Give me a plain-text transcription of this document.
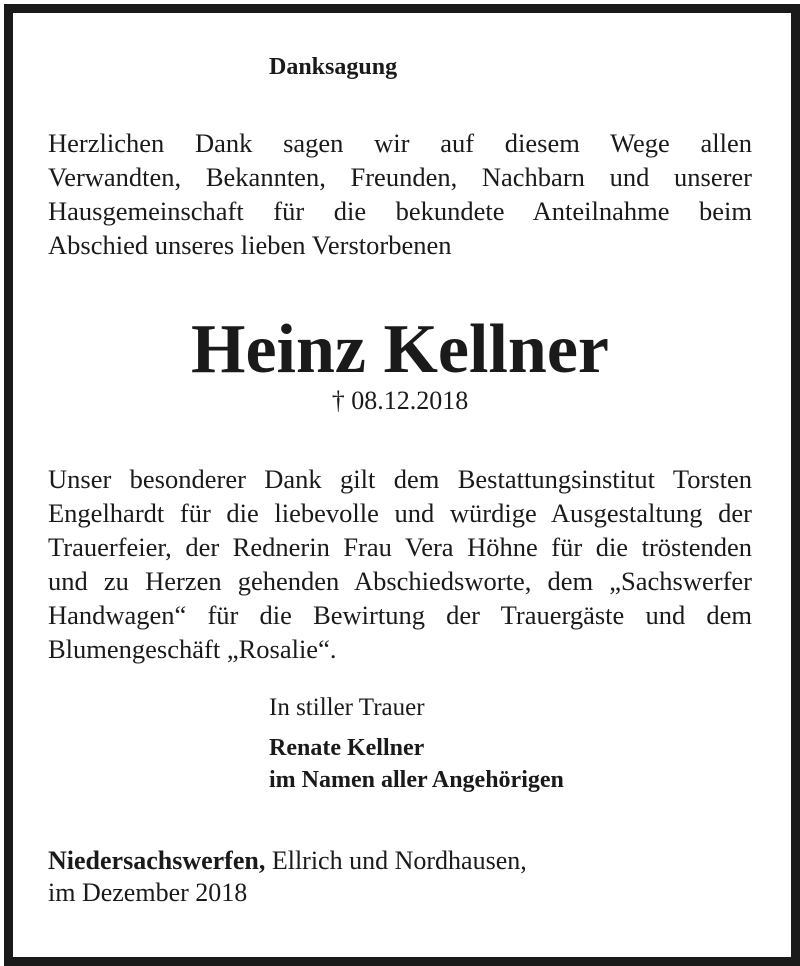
Danksagung
Herzlichen Dank sagen wir auf diesem Wege allen
Verwandten, Bekannten, Freunden, Nachbarn und unserer
Hausgemeinschaft für die bekundete Anteilnahme beim
Abschied unseres lieben Verstorbenen
Heinz Kellner
† 08.12.2018
Unser besonderer Dank gilt dem Bestattungsinstitut Torsten
Engelhardt für die liebevolle und würdige Ausgestaltung der
Trauerfeier, der Rednerin Frau Vera Höhne für die tröstenden
und zu Herzen gehenden Abschiedsworte, dem „Sachswerfer
Handwagen“ für die Bewirtung der Trauergäste und dem
Blumengeschäft „Rosalie“.
In stiller Trauer
Renate Kellner
im Namen aller Angehörigen
Niedersachswerfen, Ellrich und Nordhausen,
im Dezember 2018
